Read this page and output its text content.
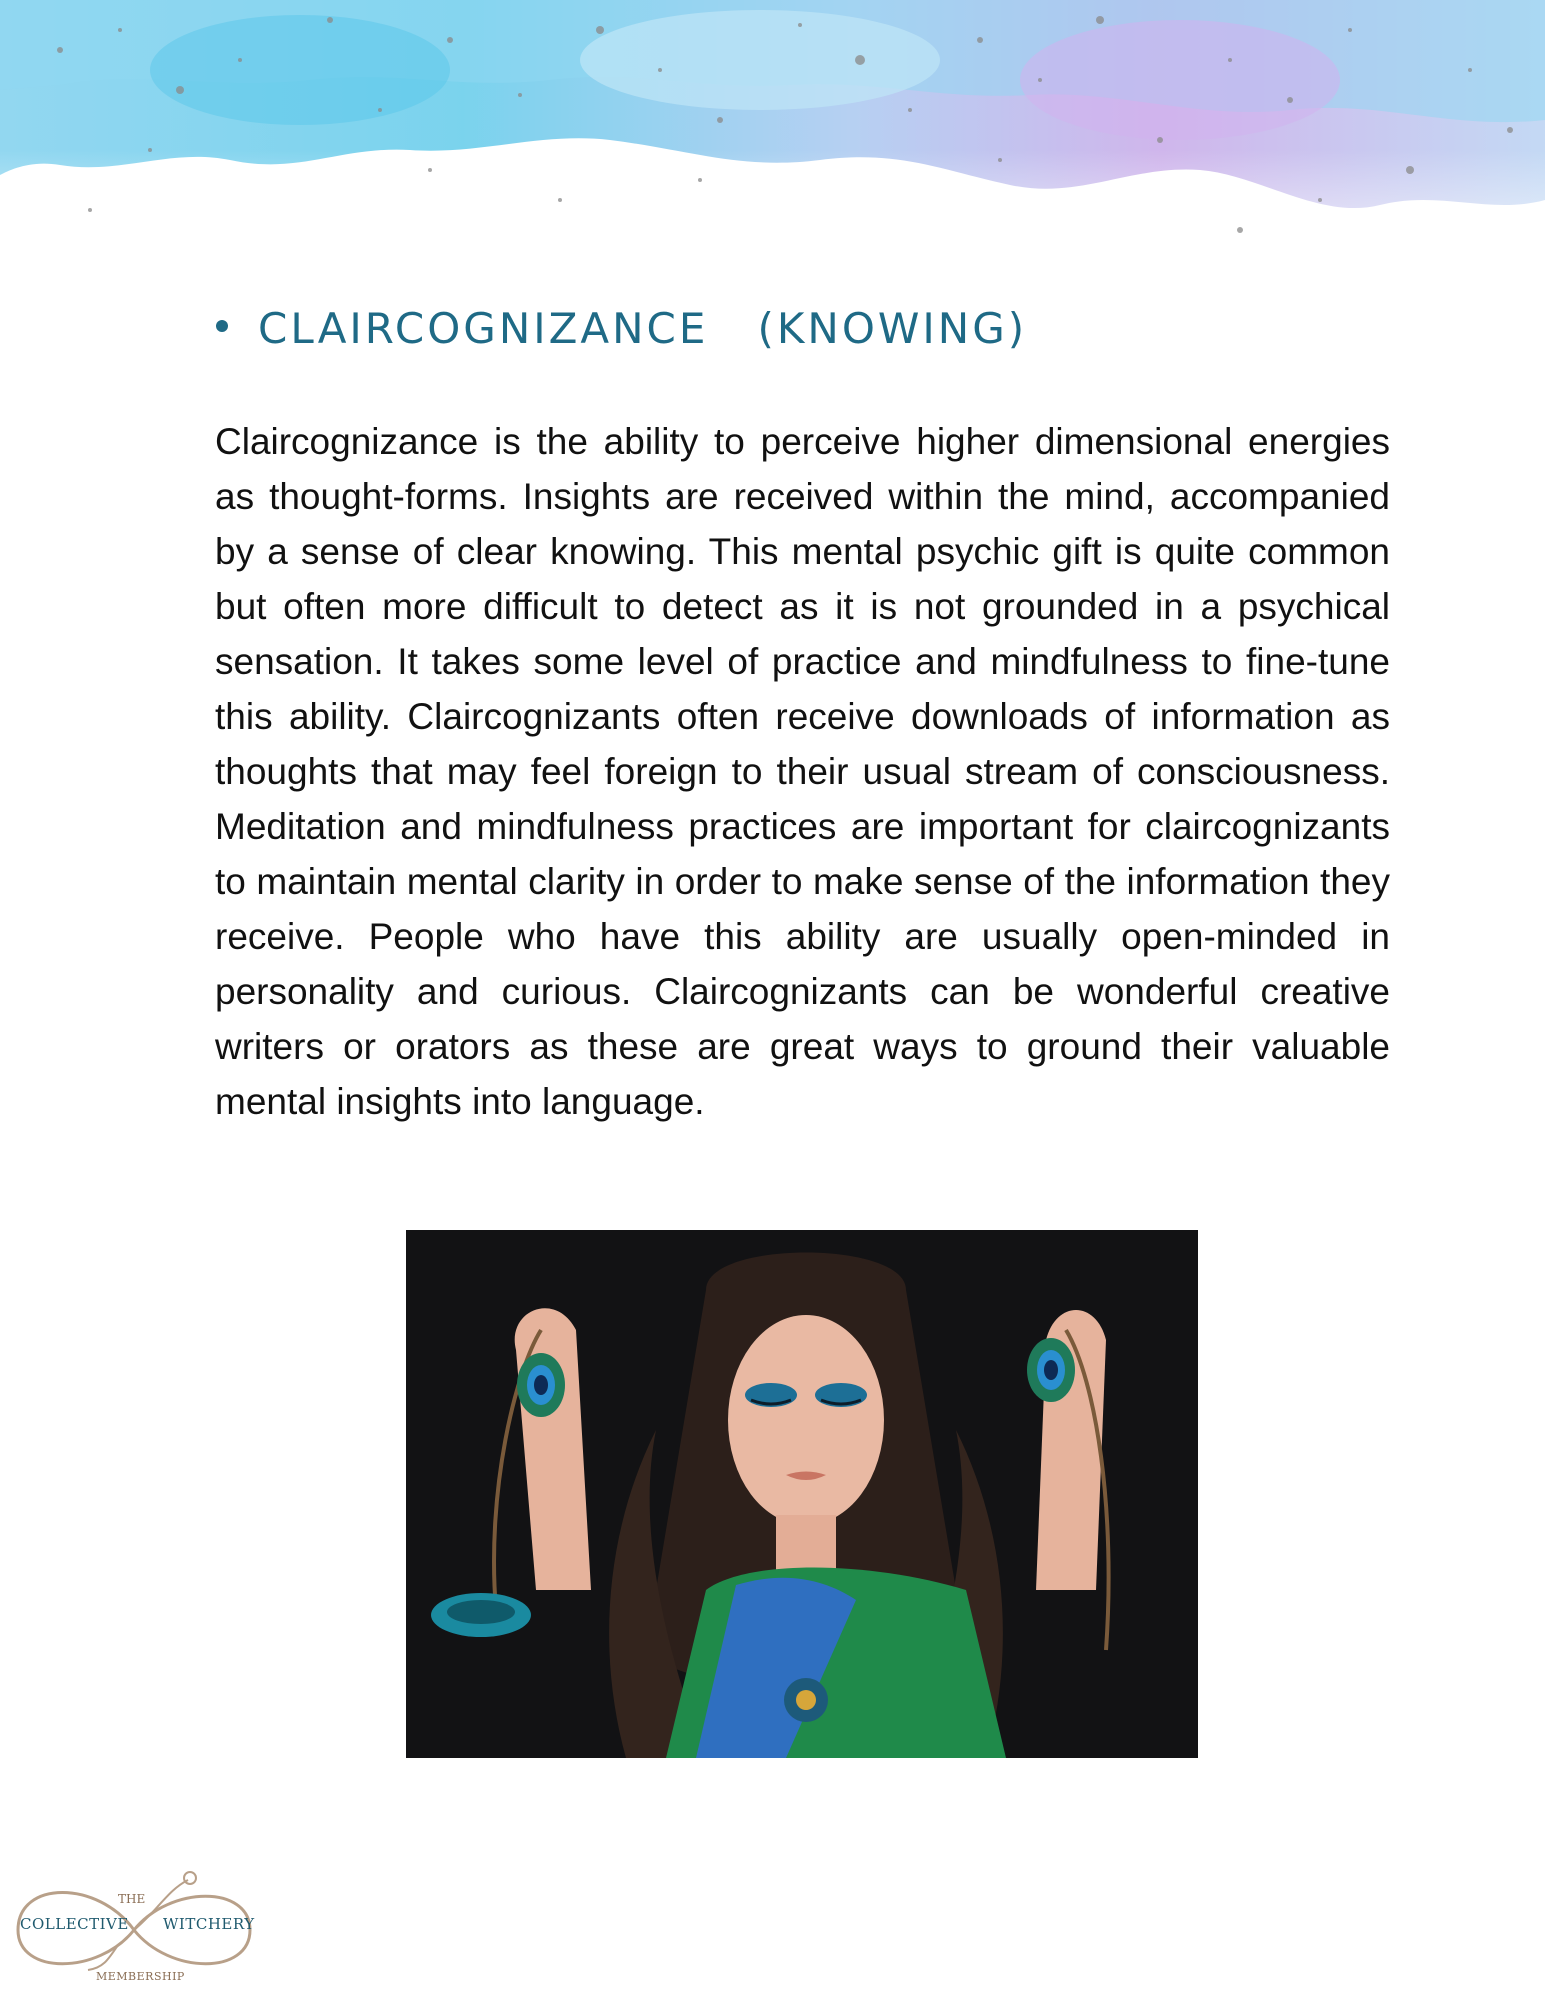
CLAIRCOGNIZANCE   (KNOWING)

Claircognizance is the ability to perceive higher dimensional energies as thought-forms. Insights are received within the mind, accompanied by a sense of clear knowing. This mental psychic gift is quite common but often more difficult to detect as it is not grounded in a psychical sensation. It takes some level of practice and mindfulness to fine-tune this ability. Claircognizants often receive downloads of information as thoughts that may feel foreign to their usual stream of consciousness. Meditation and mindfulness practices are important for claircognizants to maintain mental clarity in order to make sense of the information they receive. People who have this ability are usually open-minded in personality and curious. Claircognizants can be wonderful creative writers or orators as these are great ways to ground their valuable mental insights into language.

THE
COLLECTIVE WITCHERY
MEMBERSHIP
